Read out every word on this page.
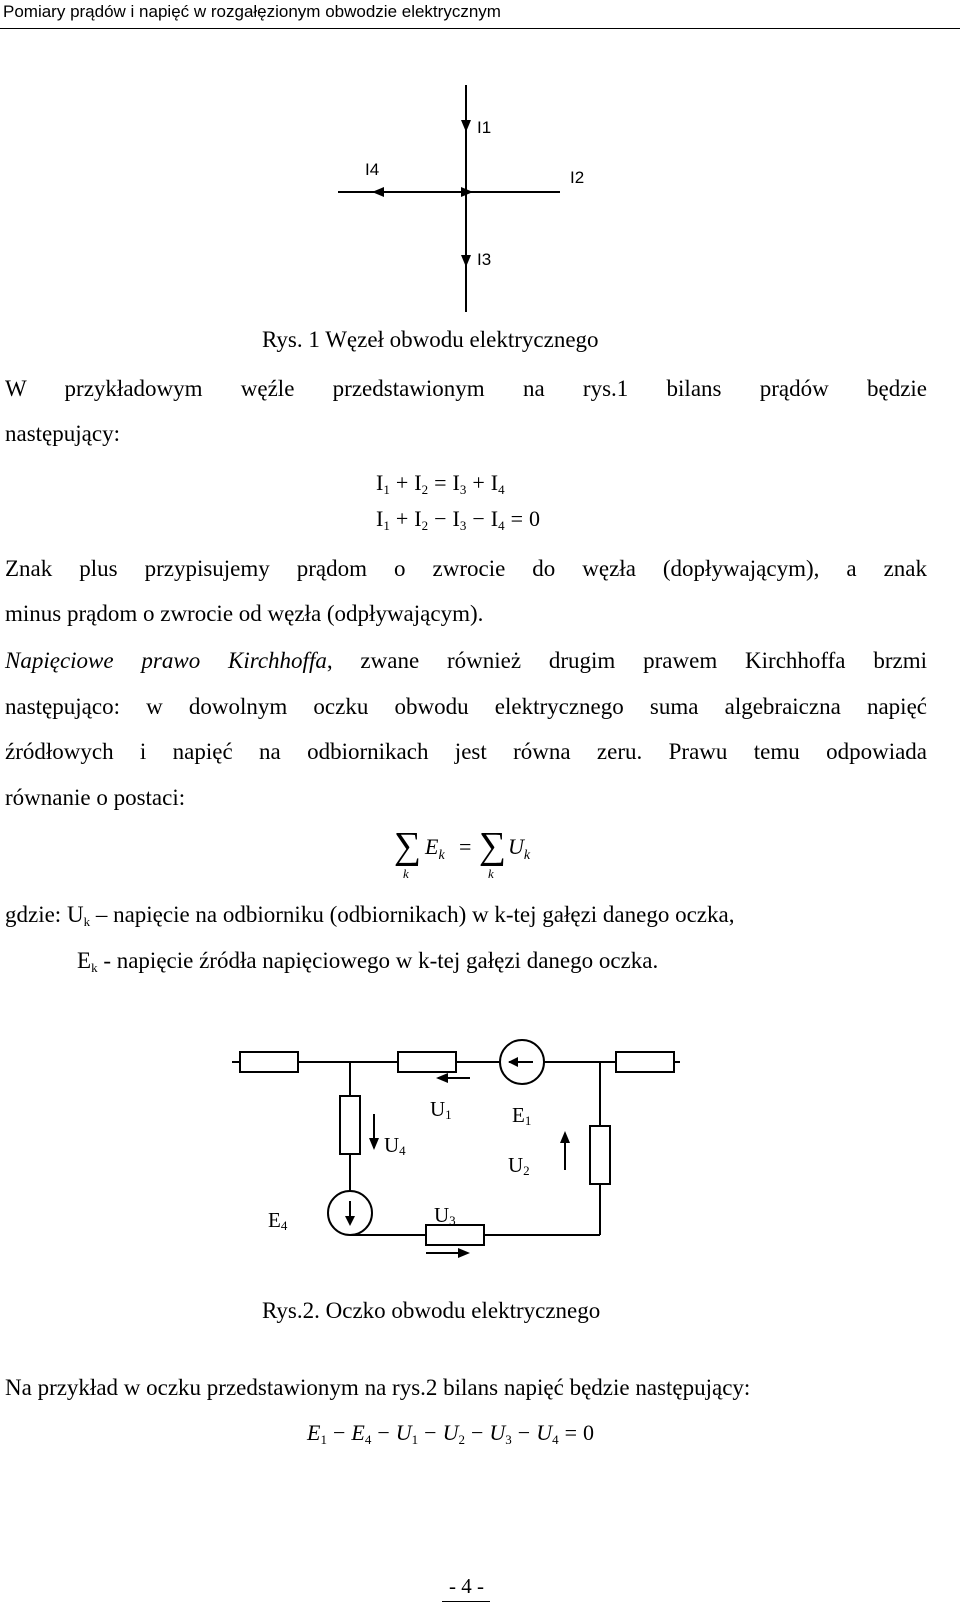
Pomiary prądów i napięć w rozgałęzionym obwodzie elektrycznym
I1
I4
I3
I2
Rys. 1 Węzeł obwodu elektrycznego
W przykładowym węźle przedstawionym na rys.1 bilans prądów będzie
następujący:
$I_1 + I_2 = I_3 + I_4$
$I_1 + I_2 - I_3 - I_4 = 0$
Znak plus przypisujemy prądom o zwrocie do węzła (dopływającym), a znak
minus prądom o zwrocie od węzła (odpływającym).
Napięciowe prawo Kirchhoffa, zwane również drugim prawem Kirchhoffa brzmi
następująco: w dowolnym oczku obwodu elektrycznego suma algebraiczna napięć
źródłowych i napięć na odbiornikach jest równa zeru. Prawu temu odpowiada
równanie o postaci:
∑
k
$E_k$ = ∑
k
$U_k$
gdzie: $U_k$ – napięcie na odbiorniku (odbiornikach) w k-tej gałęzi danego oczka,
$E_k$ - napięcie źródła napięciowego w k-tej gałęzi danego oczka.
$U_1$	$E_1$
$U_4$
$U_2$
$E_4$	$U_3$
Rys.2. Oczko obwodu elektrycznego
Na przykład w oczku przedstawionym na rys.2 bilans napięć będzie następujący:
$E_1 - E_4 - U_1 - U_2 - U_3 - U_4 = 0$
- 4 -
